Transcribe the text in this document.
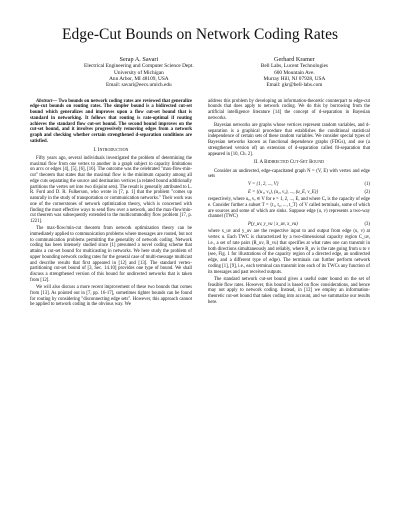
Edge-Cut Bounds on Network Coding Rates
Serap A. Savari
Electrical Engineering and Computer Science Dept.
University of Michigan
Ann Arbor, MI 48109, USA
Email: savari@eecs.umich.edu
Gerhard Kramer
Bell Labs, Lucent Technologies
600 Mountain Ave.
Murray Hill, NJ 07928, USA
Email: gkr@bell-labs.com

Abstract— Two bounds on network coding rates are reviewed that generalize edge-cut bounds on routing rates. The simpler bound is a bidirected cut-set bound which generalizes and improves upon a flow cut-set bound that is standard in networking. It follows that routing is rate-optimal if routing achieves the standard flow cut-set bound. The second bound improves on the cut-set bound, and it involves progressively removing edges from a network graph and checking whether certain strengthened d-separation conditions are satisfied.

I. Introduction

Fifty years ago, several individuals investigated the problem of determining the maximal flow from one vertex to another in a graph subject to capacity limitations on arcs or edges [4], [5], [6], [16]. The outcome was the celebrated "max-flow-min-cut" theorem that states that the maximal flow is the minimum capacity among all edge cuts separating the source and destination vertices (a related bound additionally partitions the vertex set into two disjoint sets). The result is generally attributed to L. R. Ford and D. R. Fulkerson, who wrote in [7, p. 1] that the problem "comes up naturally in the study of transportation or communication networks." Their work was one of the cornerstones of network optimization theory, which is concerned with finding the most effective ways to send flow over a network, and the max-flow/min-cut theorem was subsequently extended to the multicommodity flow problem [17, p. 1221].

The max-flow/min-cut theorem from network optimization theory can be immediately applied to communication problems where messages are routed, but not to communication problems permitting the generality of network coding. Network coding has been intensely studied since [1] presumed a novel coding scheme that attains a cut-set bound for multicasting in networks. We here study the problem of upper bounding network coding rates for the general case of multi-message multicast and describe results that first appeared in [12] and [13]. The standard vertex-partitioning cut-set bound of [3, Sec. 14.10] provides one type of bound. We shall discuss a strengthened version of this bound for undirected networks that is taken from [12].

We will also discuss a more recent improvement of these two bounds that comes from [13]. As pointed out in [7, pp. 16-17], sometimes tighter bounds can be found for routing by considering "disconnecting edge sets". However, this approach cannot be applied to network coding in the obvious way. We

address this problem by developing an information-theoretic counterpart to edge-cut bounds that does apply to network coding. We do this by borrowing from the artificial intelligence literature [14] the concept of d-separation in Bayesian networks.

Bayesian networks are graphs whose vertices represent random variables, and d-separation is a graphical procedure that establishes the conditional statistical independence of certain sets of these random variables. We consider special types of Bayesian networks known as functional dependence graphs (FDGs), and use (a strengthened version of) an extension of d-separation called fd-separation that appeared in [10, Ch. 2].

II. A Bidirected Cut-Set Bound

Consider an undirected, edge-capacitated graph N = (V, E) with vertex and edge sets

V = {1, 2, ..., V}	(1)
E = {(u₁, v₁), (u₂, v₂), ..., (u_E, v_E)}	(2)

respectively, where uₑ, vₑ ∈ V for e = 1, 2, ..., E, and where Cₑ is the capacity of edge e. Consider further a subset T = {t₁, t₂, ..., t_T} of V called terminals, some of which are sources and some of which are sinks. Suppose edge (u, v) represents a two-way channel (TWC)

P(y_uv, y_vu | x_uv, x_vu)	(3)

where x_uv and y_uv are the respective input to and output from edge (u, v) at vertex u. Each TWC is characterized by a two-dimensional capacity region C_uv, i.e., a set of rate pairs (R_uv, R_vu) that specifies at what rates one can transmit in both directions simultaneously and reliably, where R_uv is the rate going from u to v (see, Fig. 1 for illustrations of the capacity region of a directed edge, an undirected edge, and a different type of edge). The terminals can further perform network coding [1], [9], i.e., each terminal can transmit into each of its TWCs any function of its messages and past received outputs.

The standard network cut-set bound gives a useful outer bound on the set of feasible flow rates. However, this bound is based on flow considerations, and hence may not apply to network coding. Instead, in [12] we employ an information-theoretic cut-set bound that takes coding into account, and we summarize our results here.
